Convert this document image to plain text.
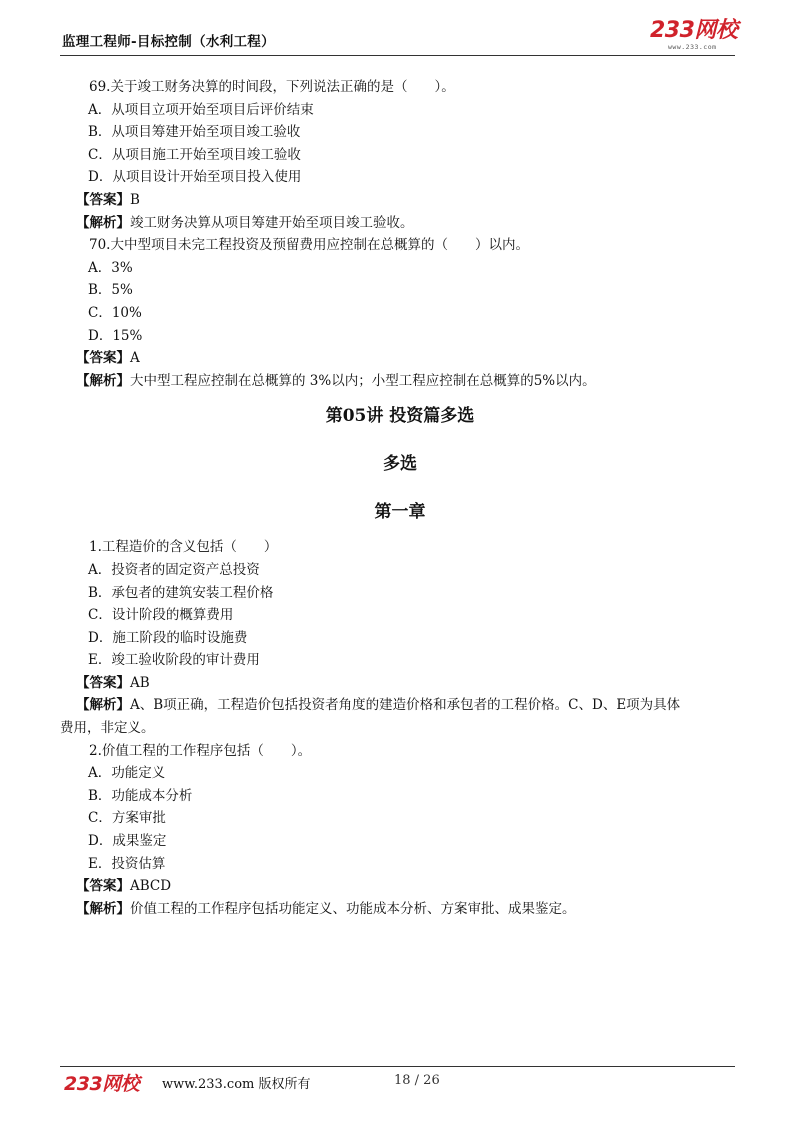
监理工程师-目标控制（水利工程）	233网校
www.233.com
69.关于竣工财务决算的时间段，下列说法正确的是（　　）。
A．从项目立项开始至项目后评价结束
B．从项目筹建开始至项目竣工验收
C．从项目施工开始至项目竣工验收
D．从项目设计开始至项目投入使用
【答案】B
【解析】竣工财务决算从项目筹建开始至项目竣工验收。
70.大中型项目未完工程投资及预留费用应控制在总概算的（　　）以内。
A．3%
B．5%
C．10%
D．15%
【答案】A
【解析】大中型工程应控制在总概算的 3%以内；小型工程应控制在总概算的5%以内。
第05讲 投资篇多选
多选
第一章
1.工程造价的含义包括（　　）
A．投资者的固定资产总投资
B．承包者的建筑安装工程价格
C．设计阶段的概算费用
D．施工阶段的临时设施费
E．竣工验收阶段的审计费用
【答案】AB
【解析】A、B项正确，工程造价包括投资者角度的建造价格和承包者的工程价格。C、D、E项为具体
费用，非定义。
2.价值工程的工作程序包括（　　）。
A．功能定义
B．功能成本分析
C．方案审批
D．成果鉴定
E．投资估算
【答案】ABCD
【解析】价值工程的工作程序包括功能定义、功能成本分析、方案审批、成果鉴定。
233网校 www.233.com 版权所有	18 / 26
